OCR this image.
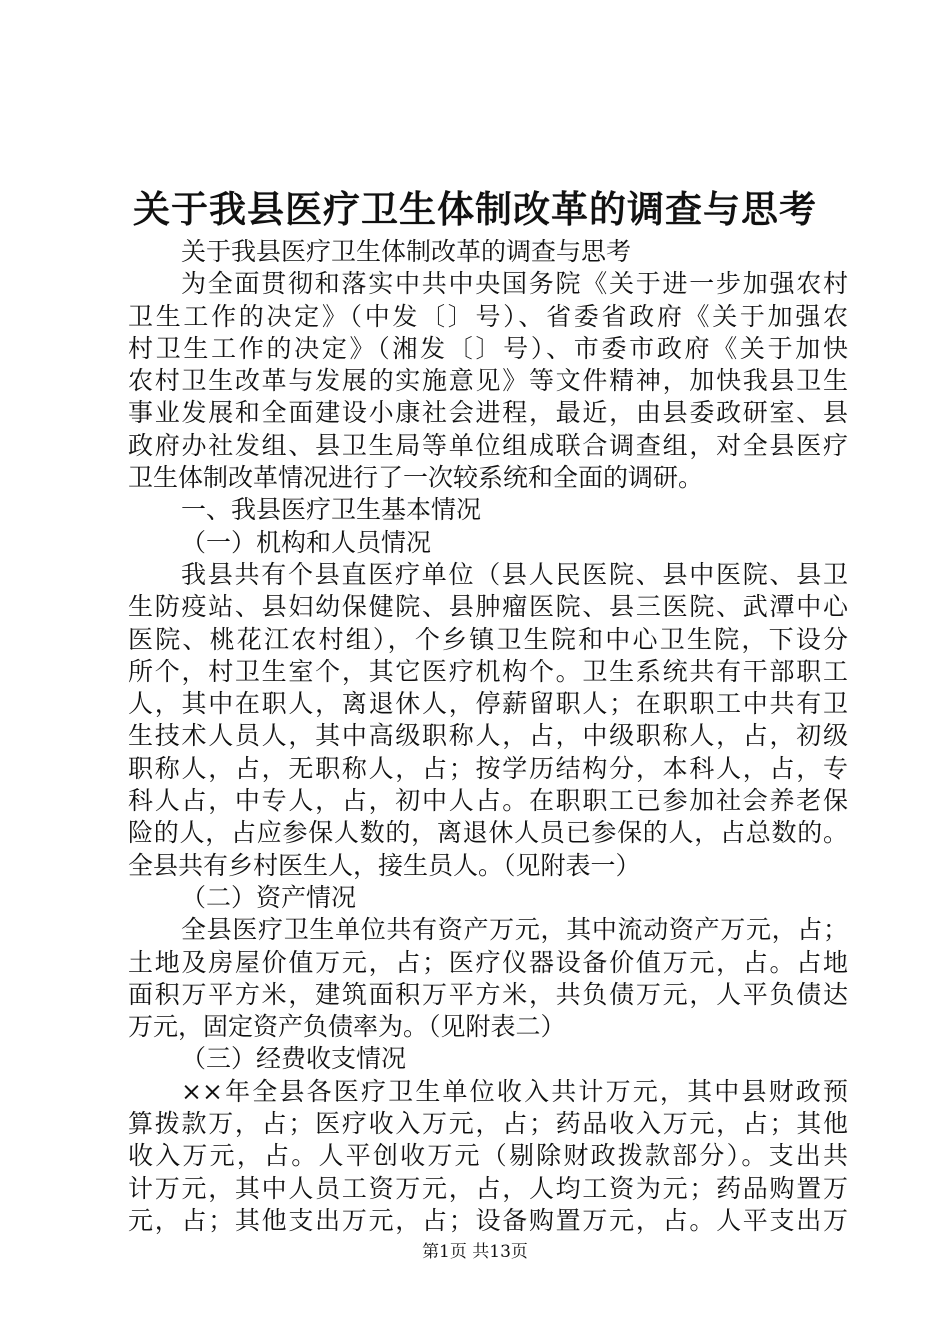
关于我县医疗卫生体制改革的调查与思考
关于我县医疗卫生体制改革的调查与思考
为全面贯彻和落实中共中央国务院《关于进一步加强农村
卫生工作的决定》（中发〔〕号）、省委省政府《关于加强农
村卫生工作的决定》（湘发〔〕号）、市委市政府《关于加快
农村卫生改革与发展的实施意见》等文件精神，加快我县卫生
事业发展和全面建设小康社会进程，最近，由县委政研室、县
政府办社发组、县卫生局等单位组成联合调查组，对全县医疗
卫生体制改革情况进行了一次较系统和全面的调研。
一、我县医疗卫生基本情况
（一）机构和人员情况
我县共有个县直医疗单位（县人民医院、县中医院、县卫
生防疫站、县妇幼保健院、县肿瘤医院、县三医院、武潭中心
医院、桃花江农村组），个乡镇卫生院和中心卫生院，下设分
所个，村卫生室个，其它医疗机构个。卫生系统共有干部职工
人，其中在职人，离退休人，停薪留职人；在职职工中共有卫
生技术人员人，其中高级职称人，占，中级职称人，占，初级
职称人，占，无职称人，占；按学历结构分，本科人，占，专
科人占，中专人，占，初中人占。在职职工已参加社会养老保
险的人，占应参保人数的，离退休人员已参保的人，占总数的。
全县共有乡村医生人，接生员人。（见附表一）
（二）资产情况
全县医疗卫生单位共有资产万元，其中流动资产万元，占；
土地及房屋价值万元，占；医疗仪器设备价值万元，占。占地
面积万平方米，建筑面积万平方米，共负债万元，人平负债达
万元，固定资产负债率为。（见附表二）
（三）经费收支情况
××年全县各医疗卫生单位收入共计万元，其中县财政预
算拨款万，占；医疗收入万元，占；药品收入万元，占；其他
收入万元，占。人平创收万元（剔除财政拨款部分）。支出共
计万元，其中人员工资万元，占，人均工资为元；药品购置万
元，占；其他支出万元，占；设备购置万元，占。人平支出万
第1页 共13页
